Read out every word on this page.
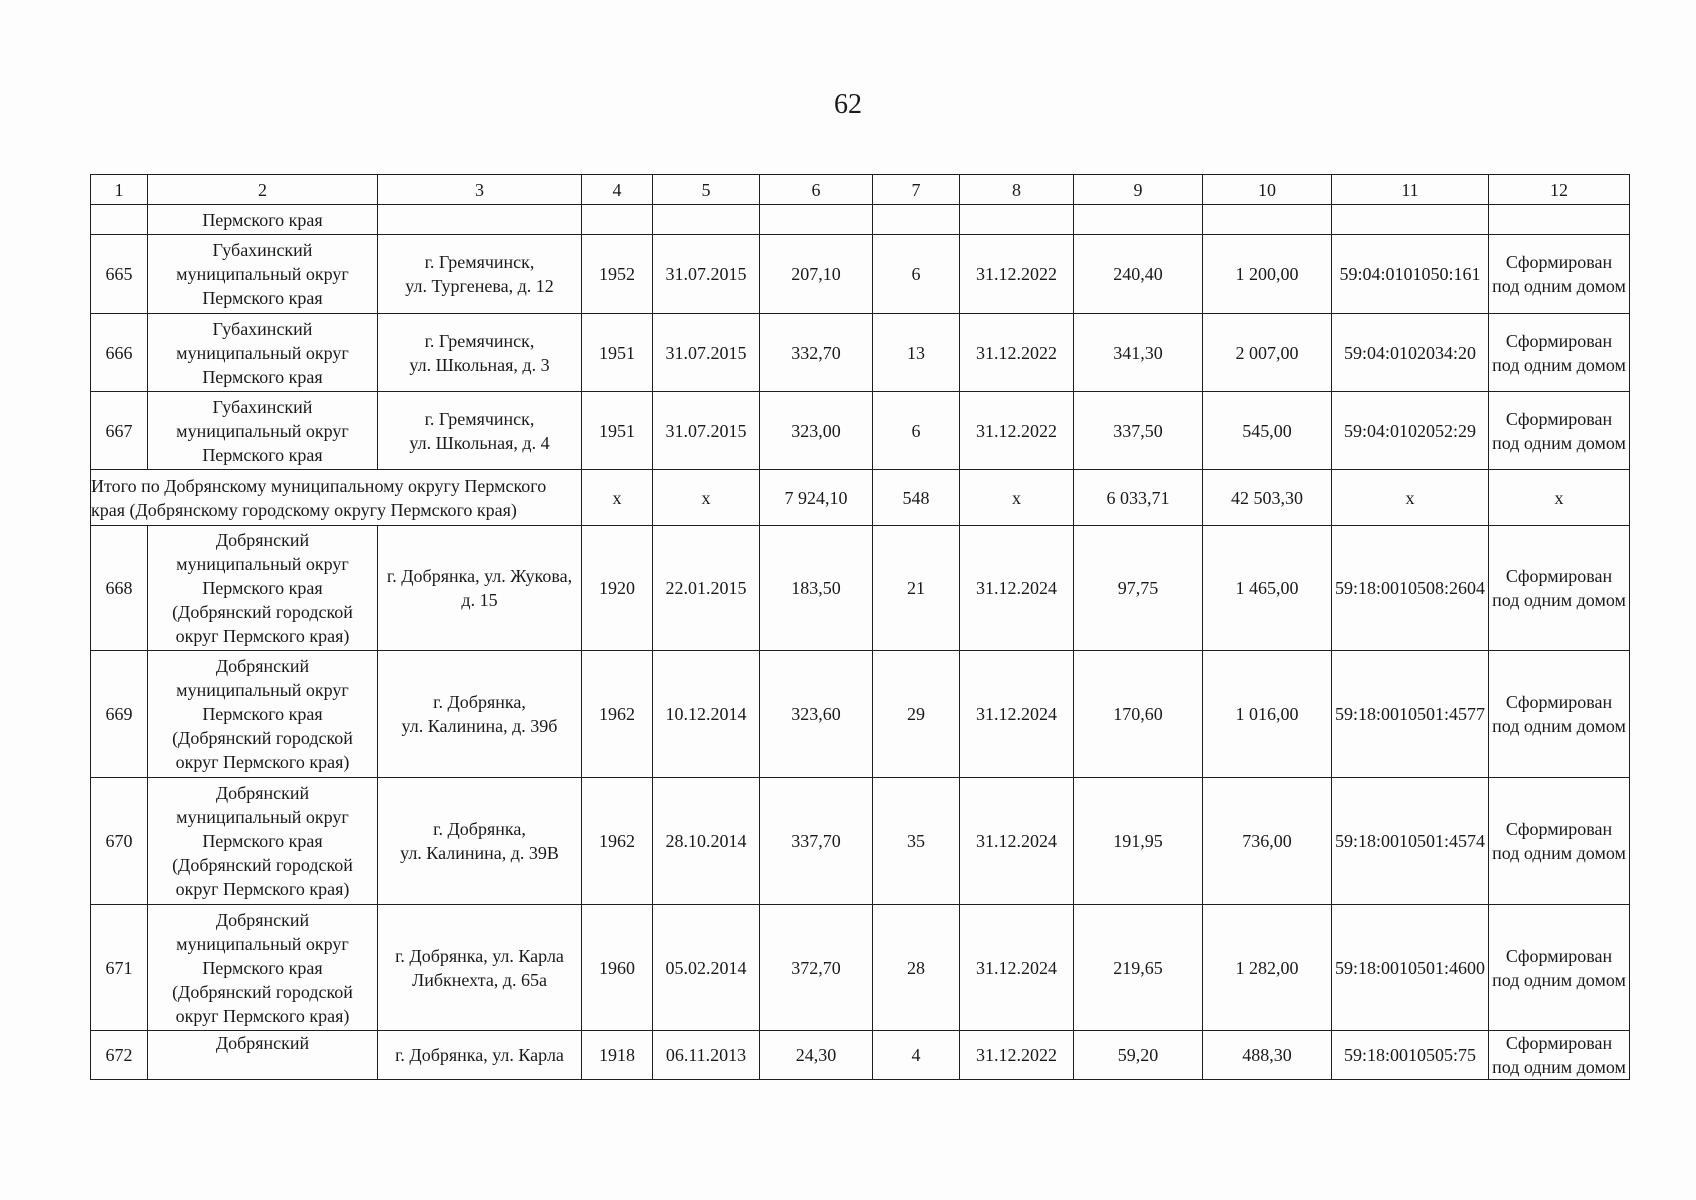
62
1	2	3	4	5	6	7	8	9	10	11	12
	Пермского края										
665	Губахинский
муниципальный округ
Пермского края	г. Гремячинск,
ул. Тургенева, д. 12	1952	31.07.2015	207,10	6	31.12.2022	240,40	1 200,00	59:04:0101050:161	Сформирован
под одним домом
666	Губахинский
муниципальный округ
Пермского края	г. Гремячинск,
ул. Школьная, д. 3	1951	31.07.2015	332,70	13	31.12.2022	341,30	2 007,00	59:04:0102034:20	Сформирован
под одним домом
667	Губахинский
муниципальный округ
Пермского края	г. Гремячинск,
ул. Школьная, д. 4	1951	31.07.2015	323,00	6	31.12.2022	337,50	545,00	59:04:0102052:29	Сформирован
под одним домом
Итого по Добрянскому муниципальному округу Пермского
края (Добрянскому городскому округу Пермского края)			x	x	7 924,10	548	x	6 033,71	42 503,30	x	x
668	Добрянский
муниципальный округ
Пермского края
(Добрянский городской
округ Пермского края)	г. Добрянка, ул. Жукова,
д. 15	1920	22.01.2015	183,50	21	31.12.2024	97,75	1 465,00	59:18:0010508:2604	Сформирован
под одним домом
669	Добрянский
муниципальный округ
Пермского края
(Добрянский городской
округ Пермского края)	г. Добрянка,
ул. Калинина, д. 39б	1962	10.12.2014	323,60	29	31.12.2024	170,60	1 016,00	59:18:0010501:4577	Сформирован
под одним домом
670	Добрянский
муниципальный округ
Пермского края
(Добрянский городской
округ Пермского края)	г. Добрянка,
ул. Калинина, д. 39В	1962	28.10.2014	337,70	35	31.12.2024	191,95	736,00	59:18:0010501:4574	Сформирован
под одним домом
671	Добрянский
муниципальный округ
Пермского края
(Добрянский городской
округ Пермского края)	г. Добрянка, ул. Карла
Либкнехта, д. 65а	1960	05.02.2014	372,70	28	31.12.2024	219,65	1 282,00	59:18:0010501:4600	Сформирован
под одним домом
672	Добрянский	г. Добрянка, ул. Карла	1918	06.11.2013	24,30	4	31.12.2022	59,20	488,30	59:18:0010505:75	Сформирован
под одним домом
